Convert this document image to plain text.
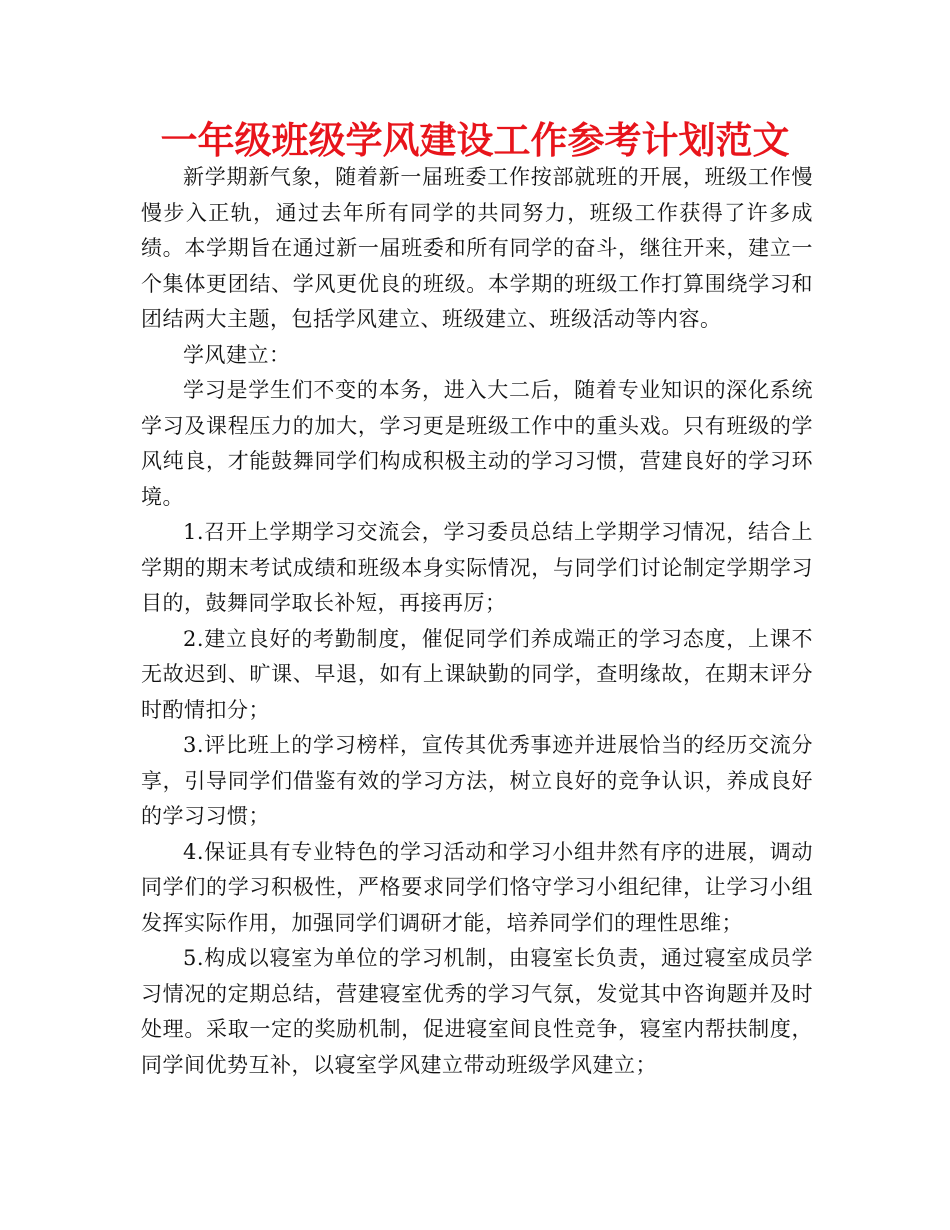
一年级班级学风建设工作参考计划范文

新学期新气象，随着新一届班委工作按部就班的开展，班级工作慢慢步入正轨，通过去年所有同学的共同努力，班级工作获得了许多成绩。本学期旨在通过新一届班委和所有同学的奋斗，继往开来，建立一个集体更团结、学风更优良的班级。本学期的班级工作打算围绕学习和团结两大主题，包括学风建立、班级建立、班级活动等内容。

学风建立：

学习是学生们不变的本务，进入大二后，随着专业知识的深化系统学习及课程压力的加大，学习更是班级工作中的重头戏。只有班级的学风纯良，才能鼓舞同学们构成积极主动的学习习惯，营建良好的学习环境。

1.召开上学期学习交流会，学习委员总结上学期学习情况，结合上学期的期末考试成绩和班级本身实际情况，与同学们讨论制定学期学习目的，鼓舞同学取长补短，再接再厉；

2.建立良好的考勤制度，催促同学们养成端正的学习态度，上课不无故迟到、旷课、早退，如有上课缺勤的同学，查明缘故，在期末评分时酌情扣分；

3.评比班上的学习榜样，宣传其优秀事迹并进展恰当的经历交流分享，引导同学们借鉴有效的学习方法，树立良好的竞争认识，养成良好的学习习惯；

4.保证具有专业特色的学习活动和学习小组井然有序的进展，调动同学们的学习积极性，严格要求同学们恪守学习小组纪律，让学习小组发挥实际作用，加强同学们调研才能，培养同学们的理性思维；

5.构成以寝室为单位的学习机制，由寝室长负责，通过寝室成员学习情况的定期总结，营建寝室优秀的学习气氛，发觉其中咨询题并及时处理。采取一定的奖励机制，促进寝室间良性竞争，寝室内帮扶制度，同学间优势互补，以寝室学风建立带动班级学风建立；
